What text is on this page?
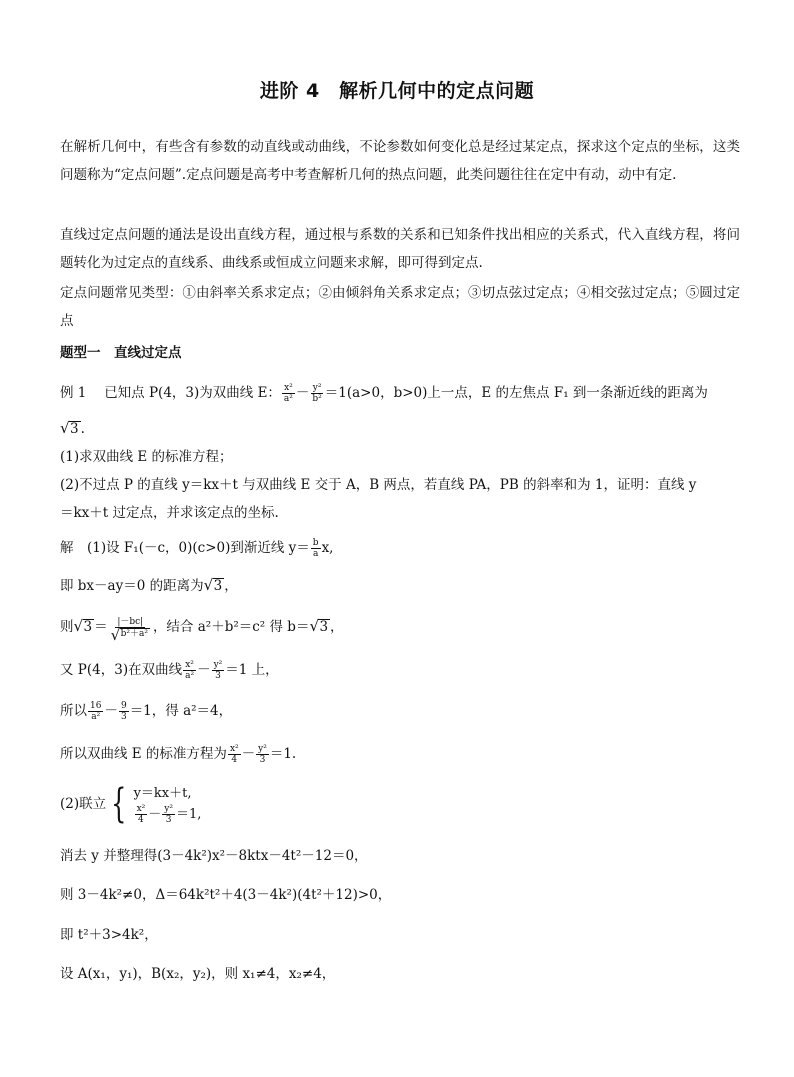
进阶 4　解析几何中的定点问题
在解析几何中，有些含有参数的动直线或动曲线，不论参数如何变化总是经过某定点，探求这个定点的坐标，这类问题称为“定点问题”.定点问题是高考中考查解析几何的热点问题，此类问题往往在定中有动，动中有定.
直线过定点问题的通法是设出直线方程，通过根与系数的关系和已知条件找出相应的关系式，代入直线方程，将问题转化为过定点的直线系、曲线系或恒成立问题来求解，即可得到定点.
定点问题常见类型：①由斜率关系求定点；②由倾斜角关系求定点；③切点弦过定点；④相交弦过定点；⑤圆过定点
题型一　直线过定点
例 1　 已知点 P(4，3)为双曲线 E： $\frac{\text{x²}}{\text{a²}} - \frac{\text{y²}}{\text{b²}} =1(a>0$，b>0)上一点，E 的左焦点 F₁ 到一条渐近线的距离为
√ 3 .
(1)求双曲线 E 的标准方程；
(2)不过点 P 的直线 y＝kx＋t 与双曲线 E 交于 A，B 两点，若直线 PA，PB 的斜率和为 1，证明：直线 y
＝kx＋t 过定点，并求该定点的坐标.
解　(1)设 F₁(－c，0)(c>0)到渐近线 $y= \frac{b}{a} x$,
即 bx－ay＝0 的距离为 √ 3 ，
则 √ 3 ＝ |－bc|
√ b²＋a² ，结合 a²＋b²＝c² 得 b＝ √ 3 ，
又 P(4，3)在双曲线 $\frac{\text{x²}}{\text{a²}} - \frac{\text{y²}}{3} =1$ 上，
所以 $\frac{16}{\text{a²}} - \frac{9}{3} =1$，得 a²＝4，
所以双曲线 E 的标准方程为 $\frac{\text{x²}}{4} - \frac{\text{y²}}{3} =1$.
(2)联立 { y＝kx＋t,
$\frac{\text{x²}}{4} - \frac{\text{y²}}{3} =1$,
消去 y 并整理得(3－4k²)x²－8ktx－4t²－12＝0，
则 3－4k²≠0，Δ＝64k²t²＋4(3－4k²)(4t²＋12)>0，
即 t²＋3>4k²，
设 A(x₁，y₁)，B(x₂，y₂)，则 x₁≠4，x₂≠4，
